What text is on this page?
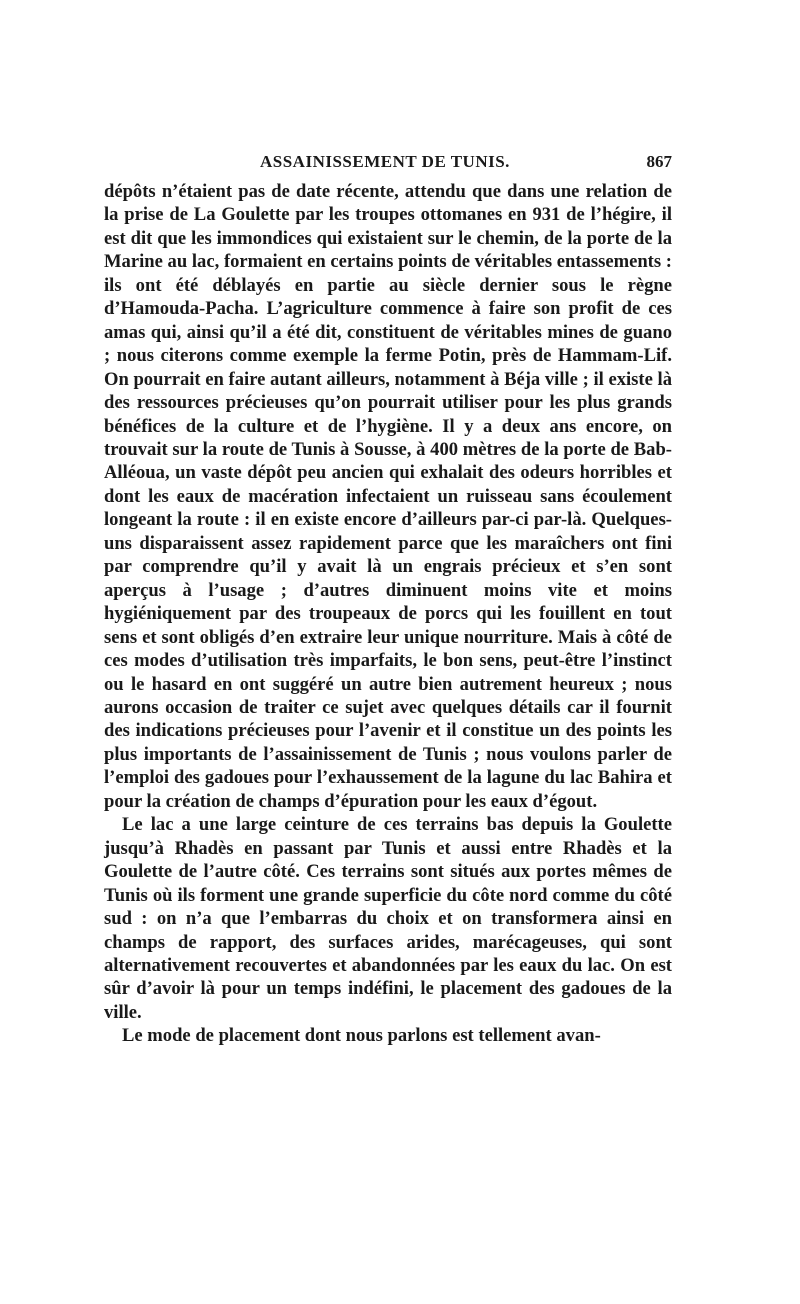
ASSAINISSEMENT DE TUNIS.	867

dépôts n’étaient pas de date récente, attendu que dans une relation de la prise de La Goulette par les troupes ottomanes en 931 de l’hégire, il est dit que les immondices qui existaient sur le chemin, de la porte de la Marine au lac, formaient en certains points de véritables entassements : ils ont été déblayés en partie au siècle dernier sous le règne d’Hamouda-Pacha. L’agriculture commence à faire son profit de ces amas qui, ainsi qu’il a été dit, constituent de véritables mines de guano ; nous citerons comme exemple la ferme Potin, près de Hammam-Lif. On pourrait en faire autant ailleurs, notamment à Béja ville ; il existe là des ressources précieuses qu’on pourrait utiliser pour les plus grands bénéfices de la culture et de l’hygiène. Il y a deux ans encore, on trouvait sur la route de Tunis à Sousse, à 400 mètres de la porte de Bab-Alléoua, un vaste dépôt peu ancien qui exhalait des odeurs horribles et dont les eaux de macération infectaient un ruisseau sans écoulement longeant la route : il en existe encore d’ailleurs par-ci par-là. Quelques-uns disparaissent assez rapidement parce que les maraîchers ont fini par comprendre qu’il y avait là un engrais précieux et s’en sont aperçus à l’usage ; d’autres diminuent moins vite et moins hygiéniquement par des troupeaux de porcs qui les fouillent en tout sens et sont obligés d’en extraire leur unique nourriture. Mais à côté de ces modes d’utilisation très imparfaits, le bon sens, peut-être l’instinct ou le hasard en ont suggéré un autre bien autrement heureux ; nous aurons occasion de traiter ce sujet avec quelques détails car il fournit des indications précieuses pour l’avenir et il constitue un des points les plus importants de l’assainissement de Tunis ; nous voulons parler de l’emploi des gadoues pour l’exhaussement de la lagune du lac Bahira et pour la création de champs d’épuration pour les eaux d’égout.

Le lac a une large ceinture de ces terrains bas depuis la Goulette jusqu’à Rhadès en passant par Tunis et aussi entre Rhadès et la Goulette de l’autre côté. Ces terrains sont situés aux portes mêmes de Tunis où ils forment une grande superficie du côte nord comme du côté sud : on n’a que l’embarras du choix et on transformera ainsi en champs de rapport, des surfaces arides, marécageuses, qui sont alternativement recouvertes et abandonnées par les eaux du lac. On est sûr d’avoir là pour un temps indéfini, le placement des gadoues de la ville.

Le mode de placement dont nous parlons est tellement avan-
